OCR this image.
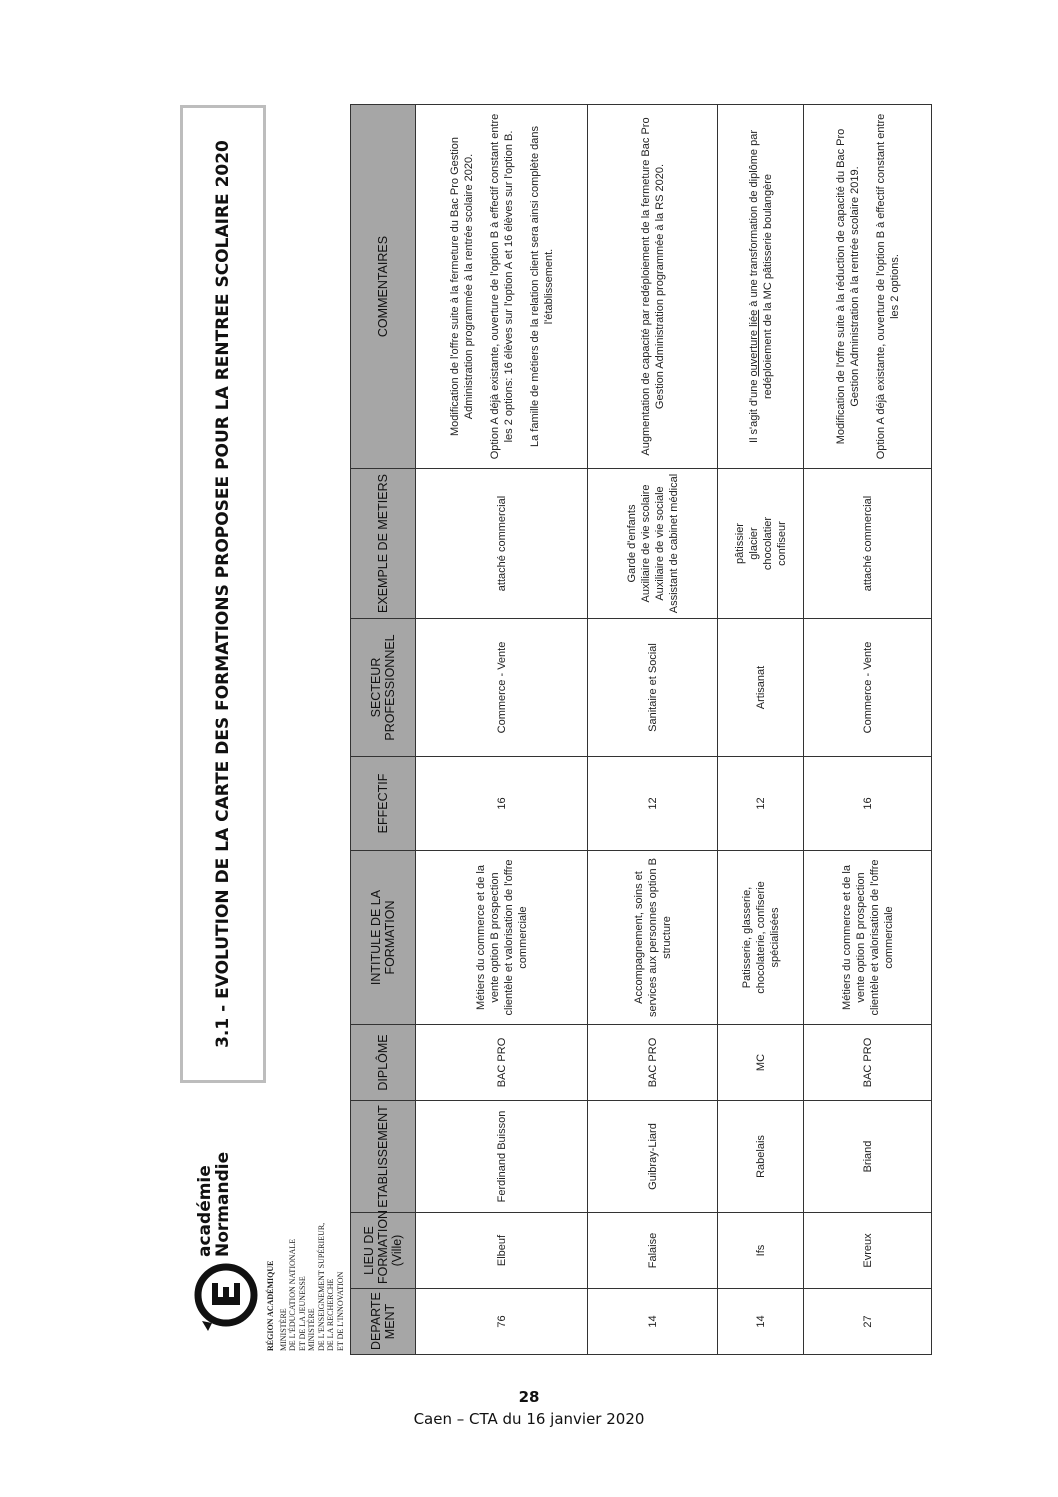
académie
Normandie
RÉGION ACADÉMIQUE MINISTÈRE DE L'ÉDUCATION NATIONALE ET DE LA JEUNESSE MINISTÈRE DE L'ENSEIGNEMENT SUPÉRIEUR, DE LA RECHERCHE ET DE L'INNOVATION
3.1 - EVOLUTION DE LA CARTE DES FORMATIONS PROPOSEE POUR LA RENTREE SCOLAIRE 2020
DEPARTE MENT	LIEU DE FORMATION (Ville)	ETABLISSEMENT	DIPLÔME	INTITULE DE LA FORMATION	EFFECTIF	SECTEUR PROFESSIONNEL	EXEMPLE DE METIERS	COMMENTAIRES
76	Elbeuf	Ferdinand Buisson	BAC PRO	Métiers du commerce et de la vente option B prospection clientèle et valorisation de l'offre commerciale	16	Commerce - Vente	attaché commercial	Modification de l'offre suite à la fermeture du Bac Pro Gestion Administration programmée à la rentrée scolaire 2020. Option A déjà existante, ouverture de l'option B à effectif constant entre les 2 options: 16 élèves sur l'option A et 16 élèves sur l'option B. La famille de métiers de la relation client sera ainsi complète dans l'établissement.

14	Falaise	Guibray-Liard	BAC PRO	Accompagnement, soins et services aux personnes option B structure	12	Sanitaire et Social	Garde d'enfants Auxiliaire de vie scolaire Auxiliaire de vie sociale Assistant de cabinet médical	Augmentation de capacité par redéploiement de la fermeture Bac Pro Gestion Administration programmée à la RS 2020.

14	Ifs	Rabelais	MC	Patisserie, glasserie, chocolaterie, confiserie spécialisées	12	Artisanat	pâtissier glacier chocolatier confiseur	Il s'agit d'une ouverture liée à une transformation de diplôme par redéploiement de la MC pâtisserie boulangère

27	Evreux	Briand	BAC PRO	Métiers du commerce et de la vente option B prospection clientèle et valorisation de l'offre commerciale	16	Commerce - Vente	attaché commercial	Modification de l'offre suite à la réduction de capacité du Bac Pro Gestion Administration à la rentrée scolaire 2019. Option A déjà existante, ouverture de l'option B à effectif constant entre les 2 options.

28
Caen – CTA du 16 janvier 2020
